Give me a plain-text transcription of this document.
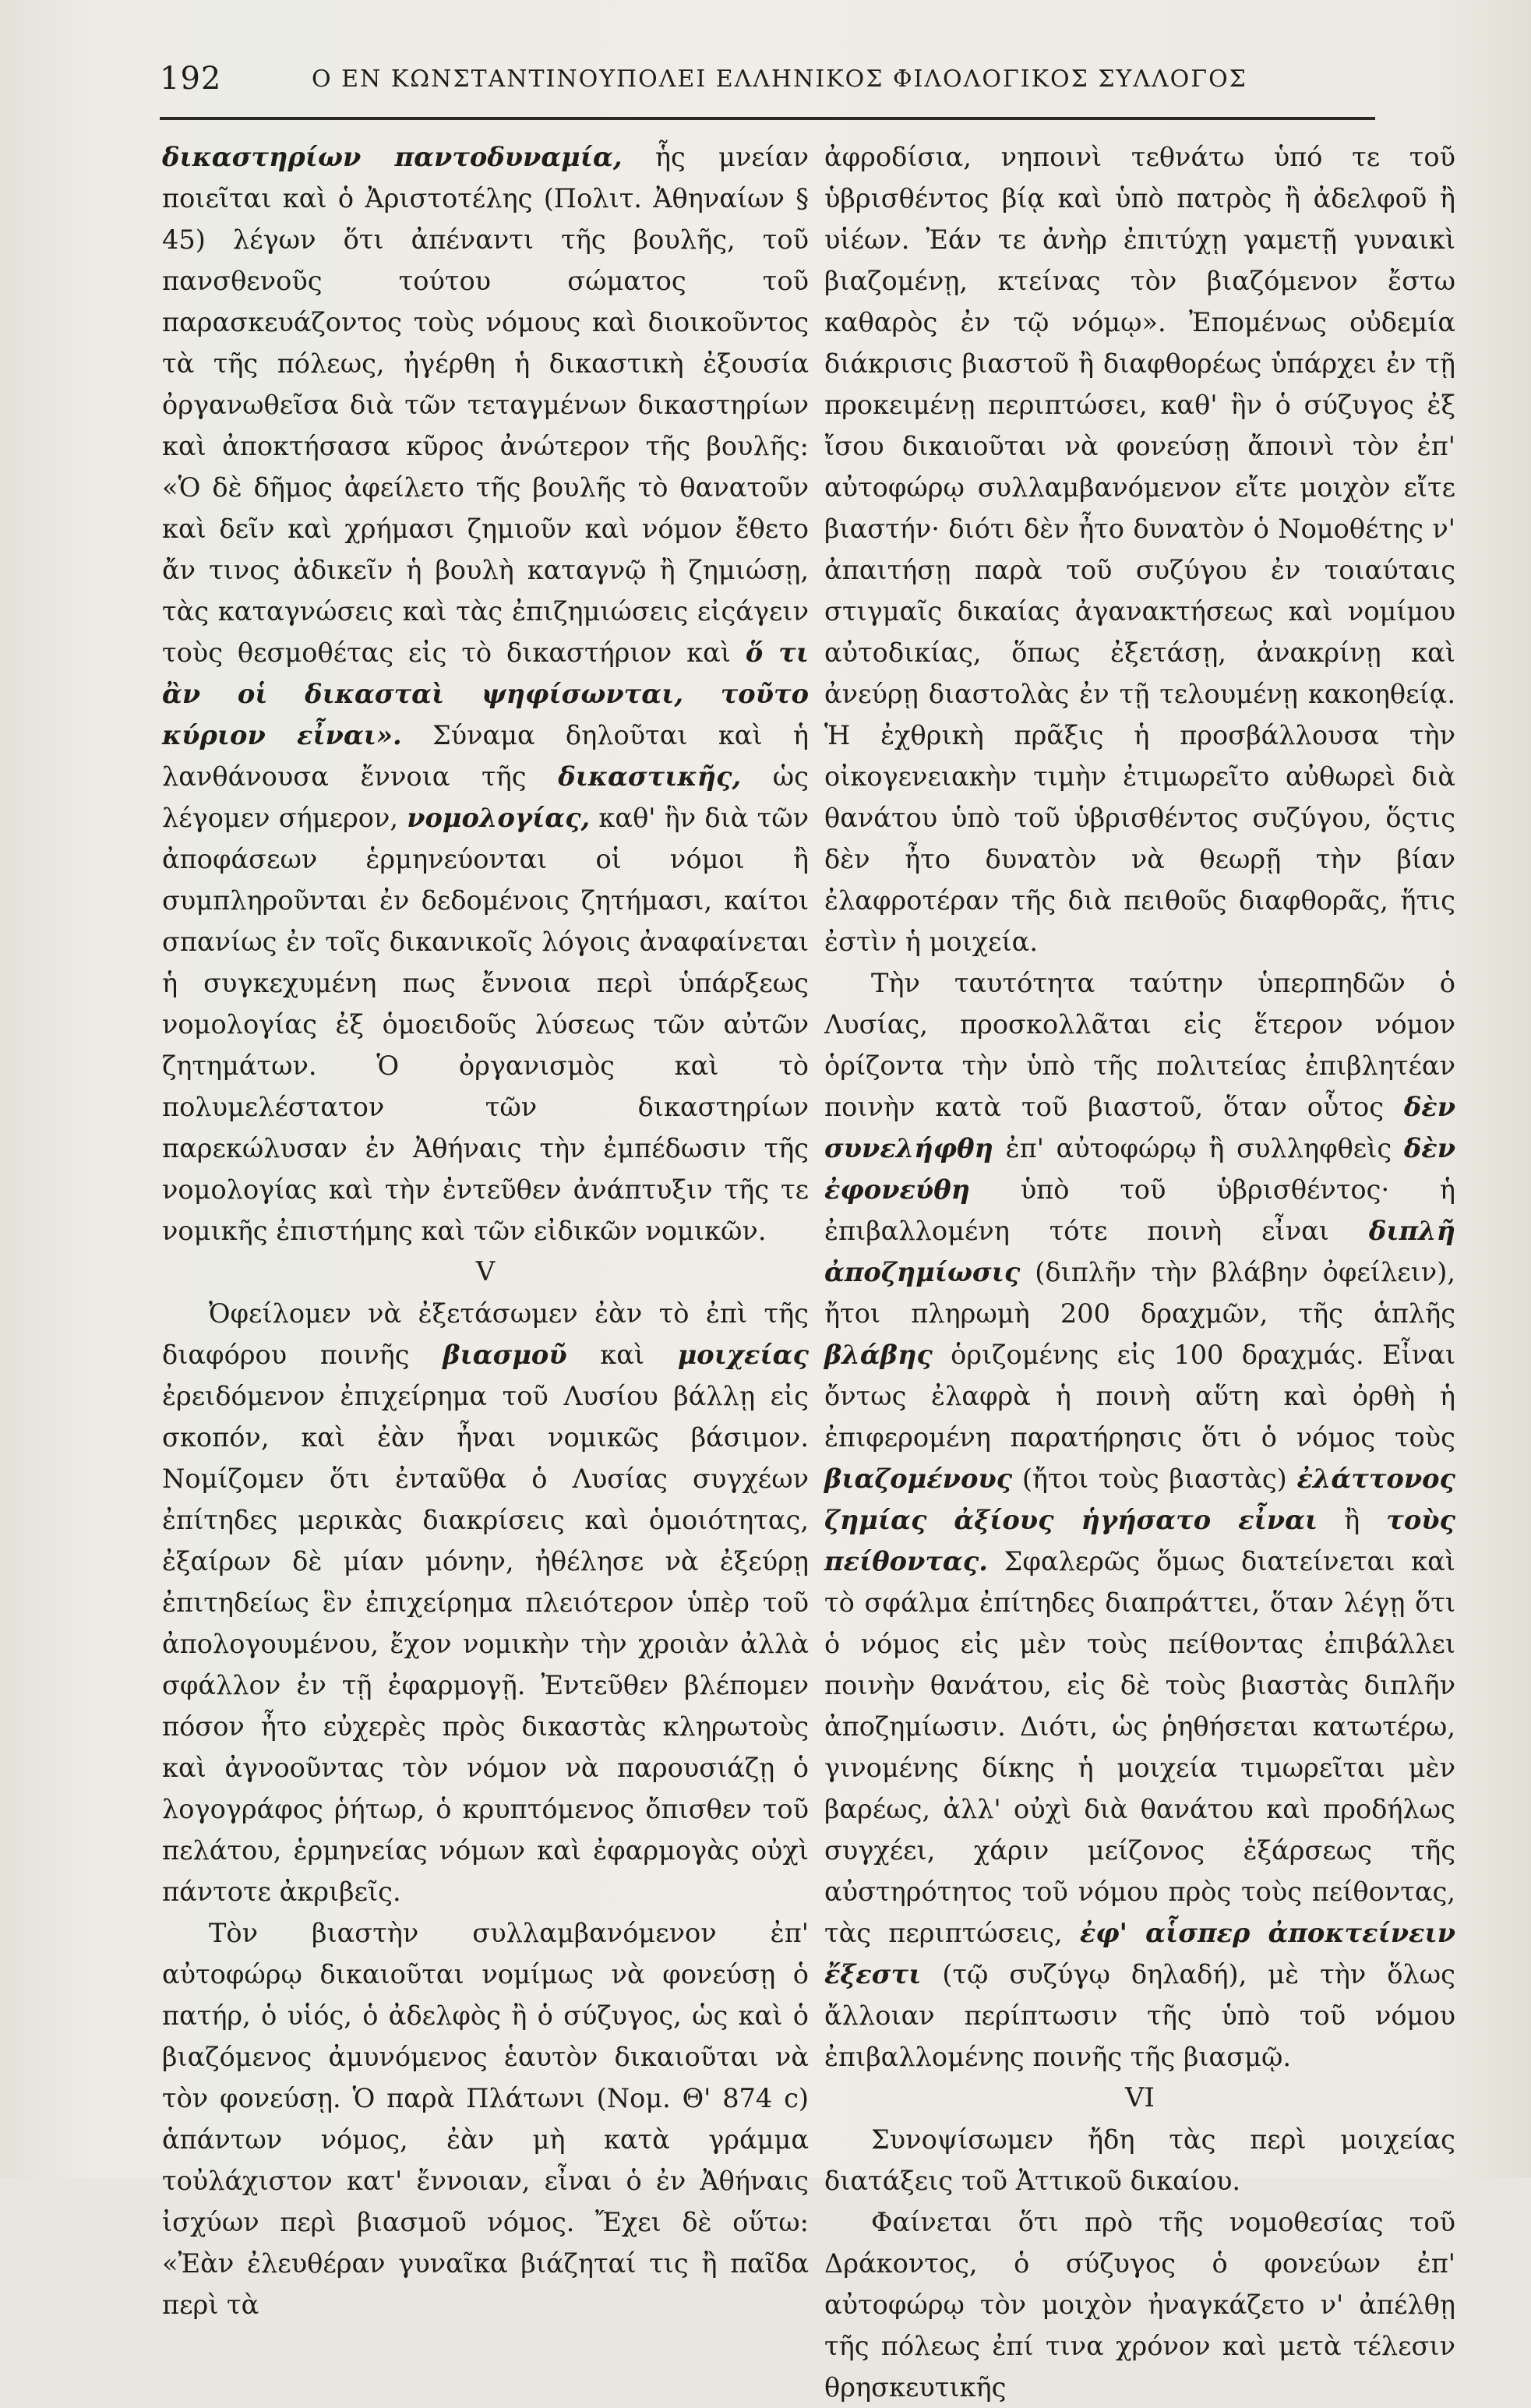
192	Ο ΕΝ ΚΩΝΣΤΑΝΤΙΝΟΥΠΟΛΕΙ ΕΛΛΗΝΙΚΟΣ ΦΙΛΟΛΟΓΙΚΟΣ ΣΥΛΛΟΓΟΣ

δικαστηρίων παντοδυναμία, ἧς μνείαν ποιεῖται καὶ ὁ Ἀριστοτέλης (Πολιτ. Ἀθηναίων § 45) λέγων ὅτι ἀπέναντι τῆς βουλῆς, τοῦ πανσθενοῦς τούτου σώματος τοῦ παρασκευάζοντος τοὺς νόμους καὶ διοικοῦντος τὰ τῆς πόλεως, ἠγέρθη ἡ δικαστικὴ ἐξουσία ὀργανωθεῖσα διὰ τῶν τεταγμένων δικαστηρίων καὶ ἀποκτήσασα κῦρος ἀνώτερον τῆς βουλῆς: «Ὁ δὲ δῆμος ἀφείλετο τῆς βουλῆς τὸ θανατοῦν καὶ δεῖν καὶ χρήμασι ζημιοῦν καὶ νόμον ἔθετο ἄν τινος ἀδικεῖν ἡ βουλὴ καταγνῷ ἢ ζημιώσῃ, τὰς καταγνώσεις καὶ τὰς ἐπιζημιώσεις εἰςάγειν τοὺς θεσμοθέτας εἰς τὸ δικαστήριον καὶ ὅ τι ἂν οἱ δικασταὶ ψηφίσωνται, τοῦτο κύριον εἶναι». Σύναμα δηλοῦται καὶ ἡ λανθάνουσα ἔννοια τῆς δικαστικῆς, ὡς λέγομεν σήμερον, νομολογίας, καθ' ἣν διὰ τῶν ἀποφάσεων ἑρμηνεύονται οἱ νόμοι ἢ συμπληροῦνται ἐν δεδομένοις ζητήμασι, καίτοι σπανίως ἐν τοῖς δικανικοῖς λόγοις ἀναφαίνεται ἡ συγκεχυμένη πως ἔννοια περὶ ὑπάρξεως νομολογίας ἐξ ὁμοειδοῦς λύσεως τῶν αὐτῶν ζητημάτων. Ὁ ὀργανισμὸς καὶ τὸ πολυμελέστατον τῶν δικαστηρίων παρεκώλυσαν ἐν Ἀθήναις τὴν ἐμπέδωσιν τῆς νομολογίας καὶ τὴν ἐντεῦθεν ἀνάπτυξιν τῆς τε νομικῆς ἐπιστήμης καὶ τῶν εἰδικῶν νομικῶν.

V

Ὀφείλομεν νὰ ἐξετάσωμεν ἐὰν τὸ ἐπὶ τῆς διαφόρου ποινῆς βιασμοῦ καὶ μοιχείας ἐρειδόμενον ἐπιχείρημα τοῦ Λυσίου βάλλῃ εἰς σκοπόν, καὶ ἐὰν ἦναι νομικῶς βάσιμον. Νομίζομεν ὅτι ἐνταῦθα ὁ Λυσίας συγχέων ἐπίτηδες μερικὰς διακρίσεις καὶ ὁμοιότητας, ἐξαίρων δὲ μίαν μόνην, ἠθέλησε νὰ ἐξεύρῃ ἐπιτηδείως ἓν ἐπιχείρημα πλειότερον ὑπὲρ τοῦ ἀπολογουμένου, ἔχον νομικὴν τὴν χροιὰν ἀλλὰ σφάλλον ἐν τῇ ἐφαρμογῇ. Ἐντεῦθεν βλέπομεν πόσον ἦτο εὐχερὲς πρὸς δικαστὰς κληρωτοὺς καὶ ἀγνοοῦντας τὸν νόμον νὰ παρουσιάζῃ ὁ λογογράφος ῥήτωρ, ὁ κρυπτόμενος ὄπισθεν τοῦ πελάτου, ἑρμηνείας νόμων καὶ ἐφαρμογὰς οὐχὶ πάντοτε ἀκριβεῖς.

Τὸν βιαστὴν συλλαμβανόμενον ἐπ' αὐτοφώρῳ δικαιοῦται νομίμως νὰ φονεύσῃ ὁ πατήρ, ὁ υἱός, ὁ ἀδελφὸς ἢ ὁ σύζυγος, ὡς καὶ ὁ βιαζόμενος ἀμυνόμενος ἑαυτὸν δικαιοῦται νὰ τὸν φονεύσῃ. Ὁ παρὰ Πλάτωνι (Νομ. Θ' 874 c) ἁπάντων νόμος, ἐὰν μὴ κατὰ γράμμα τοὐλάχιστον κατ' ἔννοιαν, εἶναι ὁ ἐν Ἀθήναις ἰσχύων περὶ βιασμοῦ νόμος. Ἔχει δὲ οὕτω: «Ἐὰν ἐλευθέραν γυναῖκα βιάζηταί τις ἢ παῖδα περὶ τὰ

ἀφροδίσια, νηποινὶ τεθνάτω ὑπό τε τοῦ ὑβρισθέντος βίᾳ καὶ ὑπὸ πατρὸς ἢ ἀδελφοῦ ἢ υἱέων. Ἐάν τε ἀνὴρ ἐπιτύχῃ γαμετῇ γυναικὶ βιαζομένῃ, κτείνας τὸν βιαζόμενον ἔστω καθαρὸς ἐν τῷ νόμῳ». Ἐπομένως οὐδεμία διάκρισις βιαστοῦ ἢ διαφθορέως ὑπάρχει ἐν τῇ προκειμένῃ περιπτώσει, καθ' ἣν ὁ σύζυγος ἐξ ἴσου δικαιοῦται νὰ φονεύσῃ ἄποινὶ τὸν ἐπ' αὐτοφώρῳ συλλαμβανόμενον εἴτε μοιχὸν εἴτε βιαστήν· διότι δὲν ἦτο δυνατὸν ὁ Νομοθέτης ν' ἀπαιτήσῃ παρὰ τοῦ συζύγου ἐν τοιαύταις στιγμαῖς δικαίας ἀγανακτήσεως καὶ νομίμου αὐτοδικίας, ὅπως ἐξετάσῃ, ἀνακρίνῃ καὶ ἀνεύρῃ διαστολὰς ἐν τῇ τελουμένῃ κακοηθείᾳ. Ἡ ἐχθρικὴ πρᾶξις ἡ προσβάλλουσα τὴν οἰκογενειακὴν τιμὴν ἐτιμωρεῖτο αὐθωρεὶ διὰ θανάτου ὑπὸ τοῦ ὑβρισθέντος συζύγου, ὅςτις δὲν ἦτο δυνατὸν νὰ θεωρῇ τὴν βίαν ἐλαφροτέραν τῆς διὰ πειθοῦς διαφθορᾶς, ἥτις ἐστὶν ἡ μοιχεία.

Τὴν ταυτότητα ταύτην ὑπερπηδῶν ὁ Λυσίας, προσκολλᾶται εἰς ἕτερον νόμον ὁρίζοντα τὴν ὑπὸ τῆς πολιτείας ἐπιβλητέαν ποινὴν κατὰ τοῦ βιαστοῦ, ὅταν οὗτος δὲν συνελήφθη ἐπ' αὐτοφώρῳ ἢ συλληφθεὶς δὲν ἐφονεύθη ὑπὸ τοῦ ὑβρισθέντος· ἡ ἐπιβαλλομένη τότε ποινὴ εἶναι διπλῆ ἀποζημίωσις (διπλῆν τὴν βλάβην ὀφείλειν), ἤτοι πληρωμὴ 200 δραχμῶν, τῆς ἁπλῆς βλάβης ὁριζομένης εἰς 100 δραχμάς. Εἶναι ὄντως ἐλαφρὰ ἡ ποινὴ αὕτη καὶ ὀρθὴ ἡ ἐπιφερομένη παρατήρησις ὅτι ὁ νόμος τοὺς βιαζομένους (ἤτοι τοὺς βιαστὰς) ἐλάττονος ζημίας ἀξίους ἡγήσατο εἶναι ἢ τοὺς πείθοντας. Σφαλερῶς ὅμως διατείνεται καὶ τὸ σφάλμα ἐπίτηδες διαπράττει, ὅταν λέγῃ ὅτι ὁ νόμος εἰς μὲν τοὺς πείθοντας ἐπιβάλλει ποινὴν θανάτου, εἰς δὲ τοὺς βιαστὰς διπλῆν ἀποζημίωσιν. Διότι, ὡς ῥηθήσεται κατωτέρω, γινομένης δίκης ἡ μοιχεία τιμωρεῖται μὲν βαρέως, ἀλλ' οὐχὶ διὰ θανάτου καὶ προδήλως συγχέει, χάριν μείζονος ἐξάρσεως τῆς αὐστηρότητος τοῦ νόμου πρὸς τοὺς πείθοντας, τὰς περιπτώσεις, ἐφ' αἷσπερ ἀποκτείνειν ἔξεστι (τῷ συζύγῳ δηλαδή), μὲ τὴν ὅλως ἄλλοιαν περίπτωσιν τῆς ὑπὸ τοῦ νόμου ἐπιβαλλομένης ποινῆς τῆς βιασμῷ.

VI

Συνοψίσωμεν ἤδη τὰς περὶ μοιχείας διατάξεις τοῦ Ἀττικοῦ δικαίου.

Φαίνεται ὅτι πρὸ τῆς νομοθεσίας τοῦ Δράκοντος, ὁ σύζυγος ὁ φονεύων ἐπ' αὐτοφώρῳ τὸν μοιχὸν ἠναγκάζετο ν' ἀπέλθῃ τῆς πόλεως ἐπί τινα χρόνον καὶ μετὰ τέλεσιν θρησκευτικῆς
